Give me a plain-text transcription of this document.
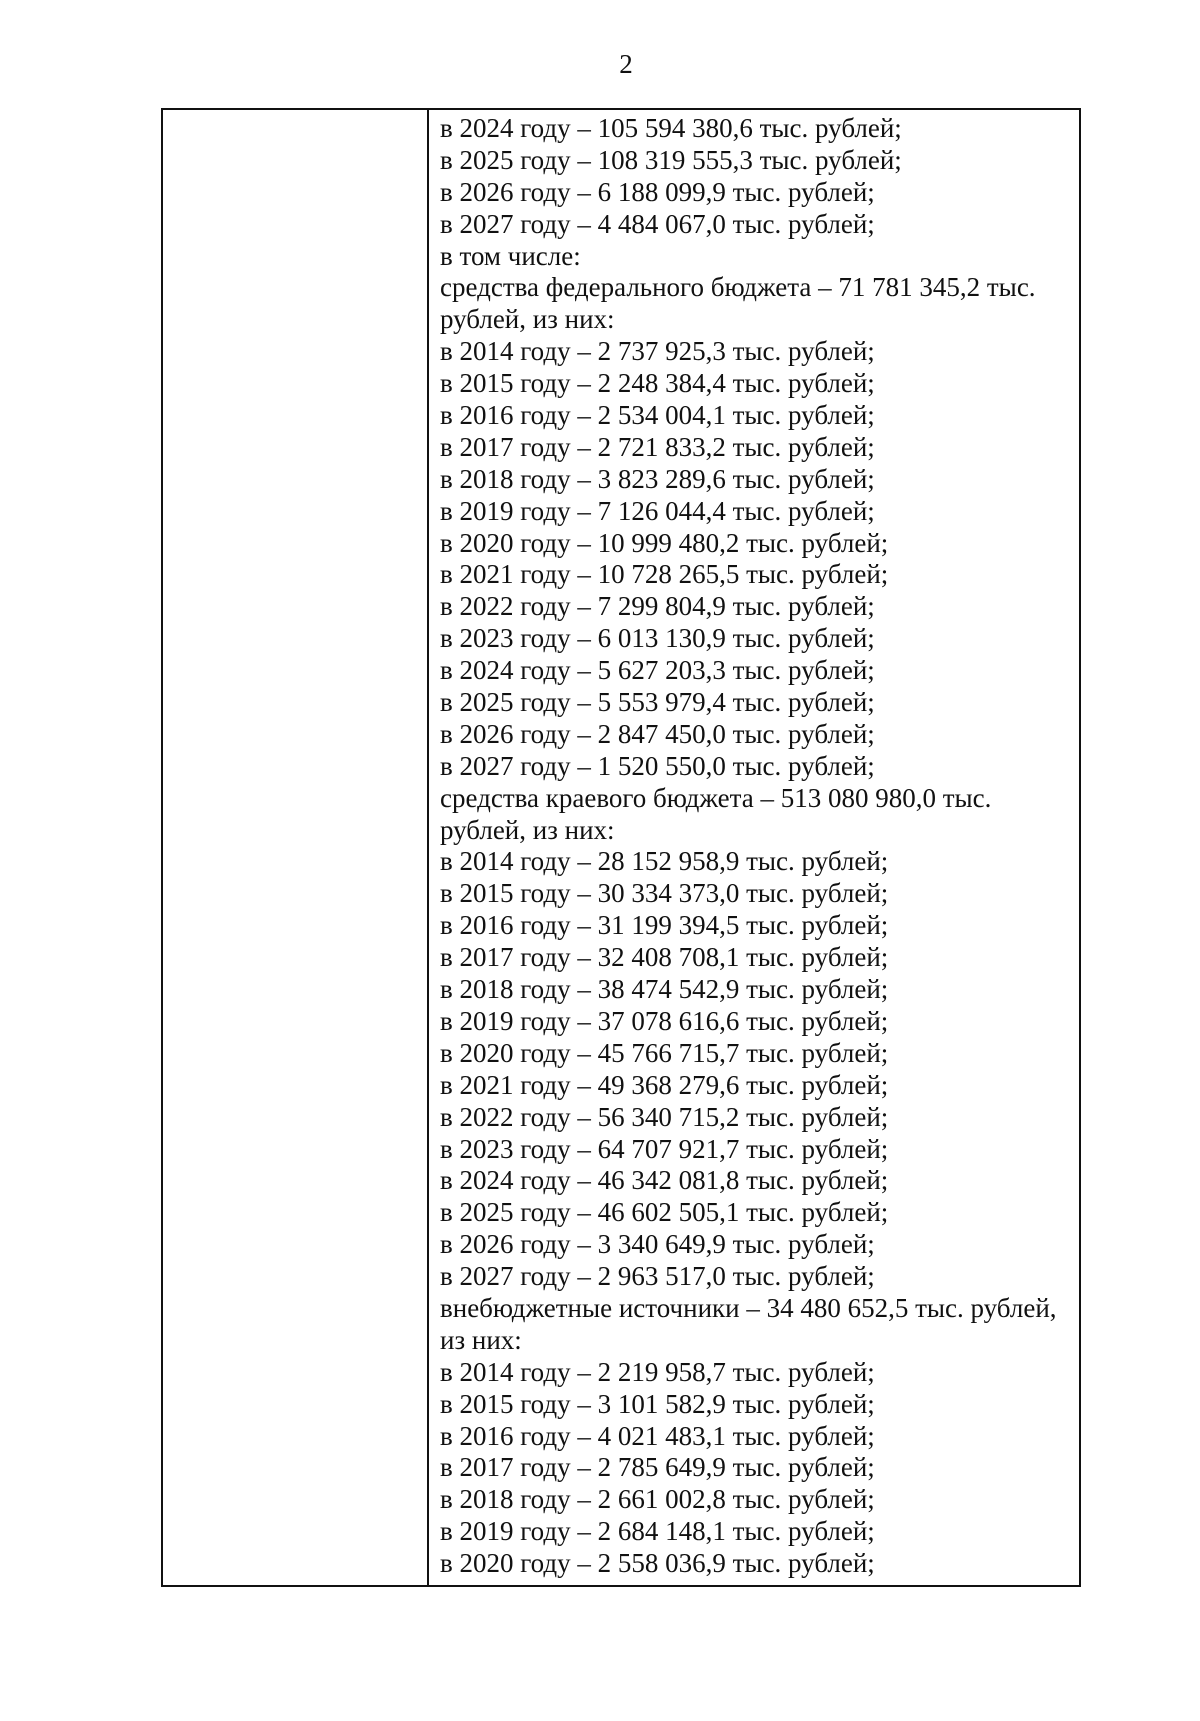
2
в 2024 году – 105 594 380,6 тыс. рублей;
в 2025 году – 108 319 555,3 тыс. рублей;
в 2026 году – 6 188 099,9 тыс. рублей;
в 2027 году – 4 484 067,0 тыс. рублей;
в том числе:
средства федерального бюджета – 71 781 345,2 тыс.
рублей, из них:
в 2014 году – 2 737 925,3 тыс. рублей;
в 2015 году – 2 248 384,4 тыс. рублей;
в 2016 году – 2 534 004,1 тыс. рублей;
в 2017 году – 2 721 833,2 тыс. рублей;
в 2018 году – 3 823 289,6 тыс. рублей;
в 2019 году – 7 126 044,4 тыс. рублей;
в 2020 году – 10 999 480,2 тыс. рублей;
в 2021 году – 10 728 265,5 тыс. рублей;
в 2022 году – 7 299 804,9 тыс. рублей;
в 2023 году – 6 013 130,9 тыс. рублей;
в 2024 году – 5 627 203,3 тыс. рублей;
в 2025 году – 5 553 979,4 тыс. рублей;
в 2026 году – 2 847 450,0 тыс. рублей;
в 2027 году – 1 520 550,0 тыс. рублей;
средства краевого бюджета – 513 080 980,0 тыс.
рублей, из них:
в 2014 году – 28 152 958,9 тыс. рублей;
в 2015 году – 30 334 373,0 тыс. рублей;
в 2016 году – 31 199 394,5 тыс. рублей;
в 2017 году – 32 408 708,1 тыс. рублей;
в 2018 году – 38 474 542,9 тыс. рублей;
в 2019 году – 37 078 616,6 тыс. рублей;
в 2020 году – 45 766 715,7 тыс. рублей;
в 2021 году – 49 368 279,6 тыс. рублей;
в 2022 году – 56 340 715,2 тыс. рублей;
в 2023 году – 64 707 921,7 тыс. рублей;
в 2024 году – 46 342 081,8 тыс. рублей;
в 2025 году – 46 602 505,1 тыс. рублей;
в 2026 году – 3 340 649,9 тыс. рублей;
в 2027 году – 2 963 517,0 тыс. рублей;
внебюджетные источники – 34 480 652,5 тыс. рублей,
из них:
в 2014 году – 2 219 958,7 тыс. рублей;
в 2015 году – 3 101 582,9 тыс. рублей;
в 2016 году – 4 021 483,1 тыс. рублей;
в 2017 году – 2 785 649,9 тыс. рублей;
в 2018 году – 2 661 002,8 тыс. рублей;
в 2019 году – 2 684 148,1 тыс. рублей;
в 2020 году – 2 558 036,9 тыс. рублей;
